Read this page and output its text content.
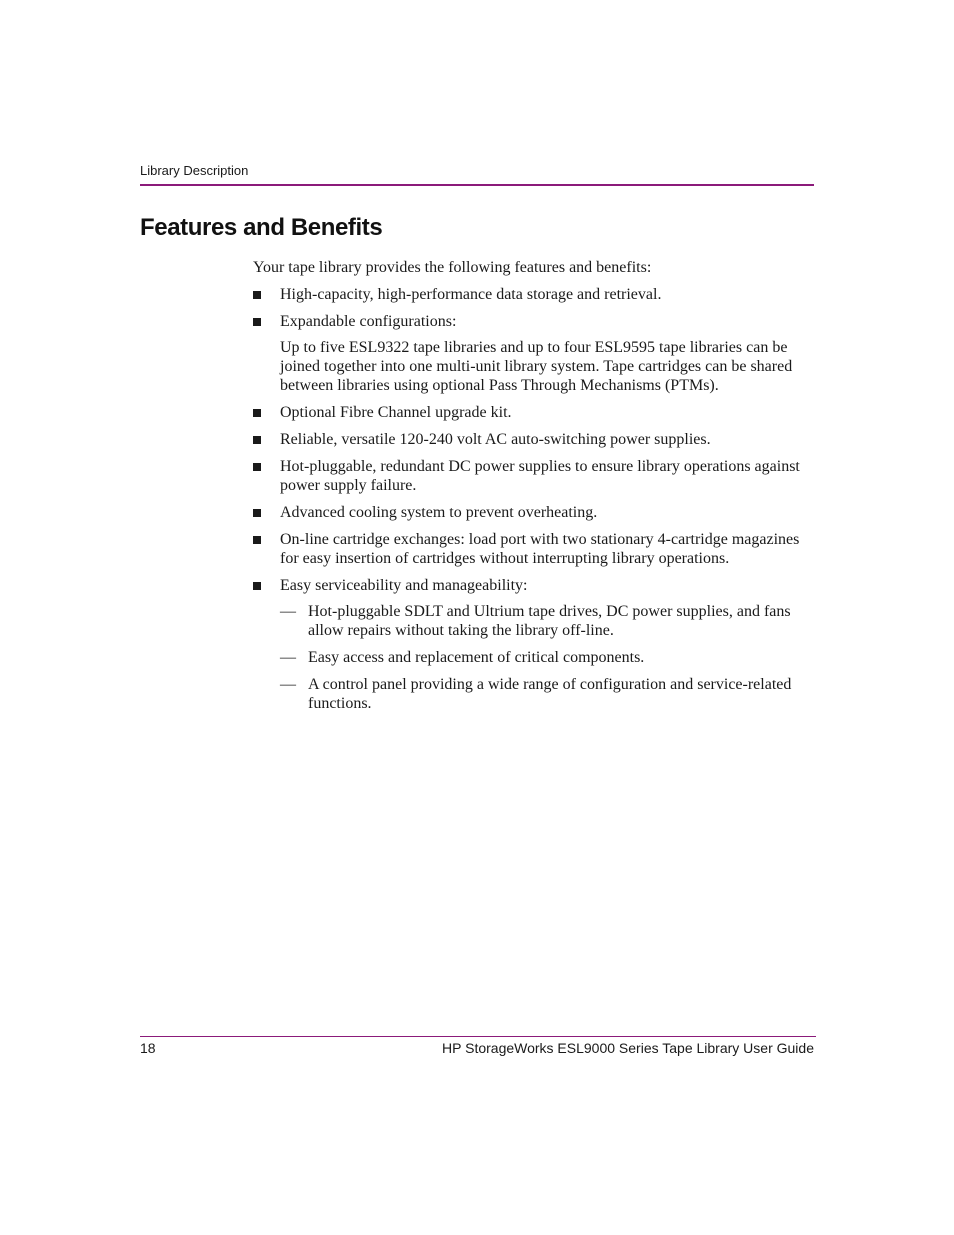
Library Description
Features and Benefits

Your tape library provides the following features and benefits:

High-capacity, high-performance data storage and retrieval.
Expandable configurations:

Up to five ESL9322 tape libraries and up to four ESL9595 tape libraries can be joined together into one multi-unit library system. Tape cartridges can be shared between libraries using optional Pass Through Mechanisms (PTMs).

Optional Fibre Channel upgrade kit.
Reliable, versatile 120-240 volt AC auto-switching power supplies.
Hot-pluggable, redundant DC power supplies to ensure library operations against power supply failure.
Advanced cooling system to prevent overheating.
On-line cartridge exchanges: load port with two stationary 4-cartridge magazines for easy insertion of cartridges without interrupting library operations.
Easy serviceability and manageability:
— Hot-pluggable SDLT and Ultrium tape drives, DC power supplies, and fans allow repairs without taking the library off-line.
— Easy access and replacement of critical components.
— A control panel providing a wide range of configuration and service-related functions.
18	HP StorageWorks ESL9000 Series Tape Library User Guide
